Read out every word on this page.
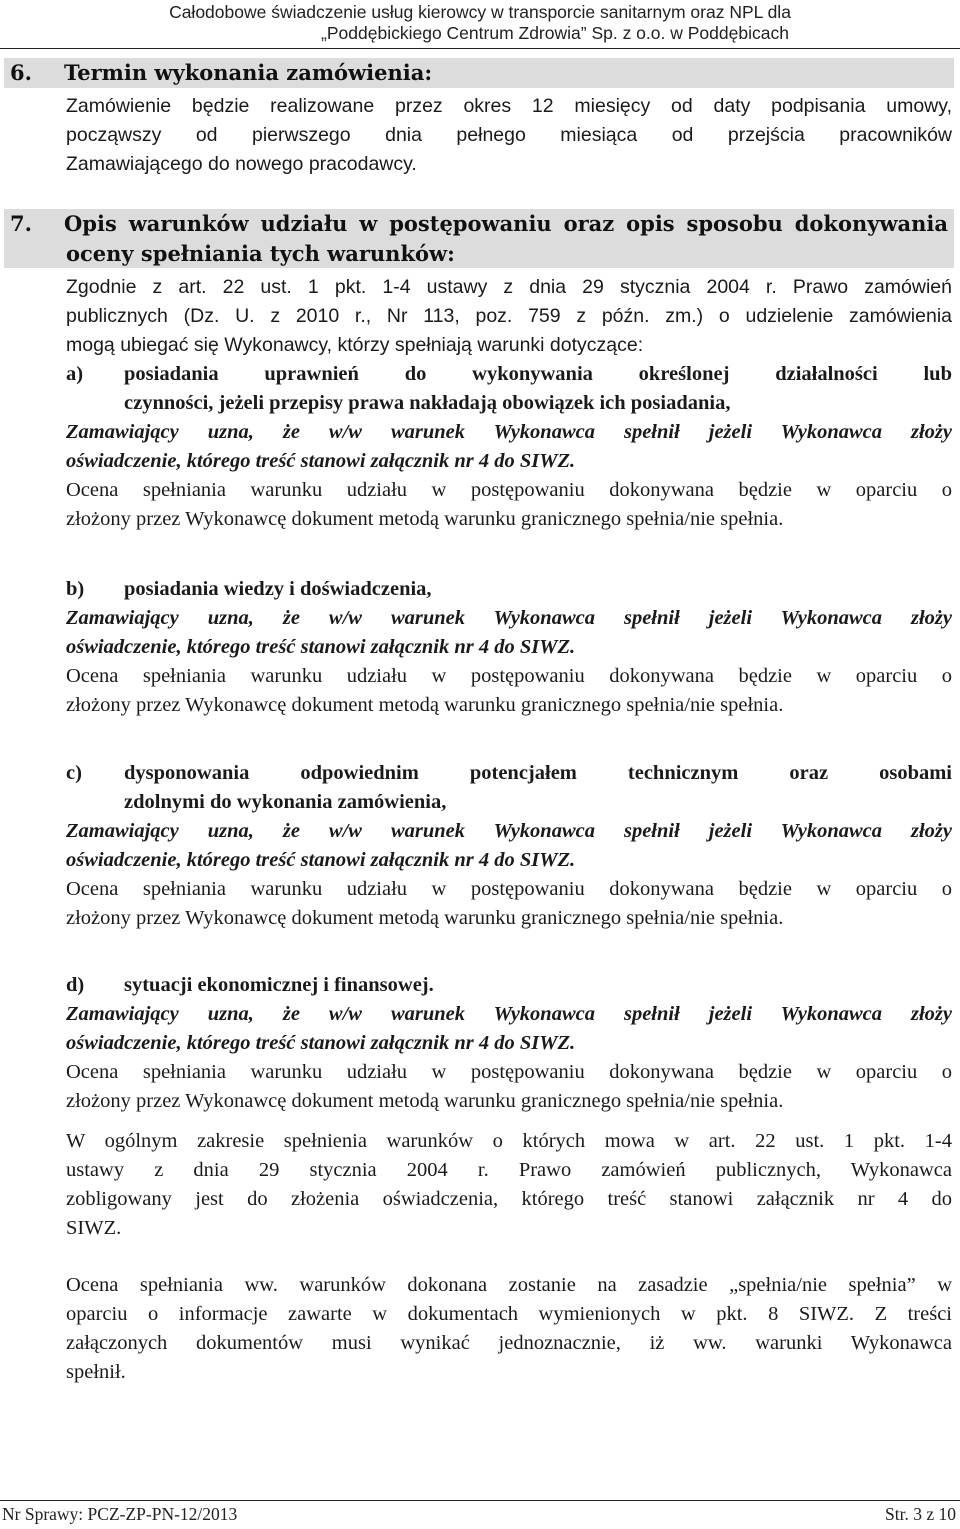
Całodobowe świadczenie usług kierowcy w transporcie sanitarnym oraz NPL dla
„Poddębickiego Centrum Zdrowia” Sp. z o.o. w Poddębicach
6. Termin wykonania zamówienia:
Zamówienie będzie realizowane przez okres 12 miesięcy od daty podpisania umowy,
począwszy od pierwszego dnia pełnego miesiąca od przejścia pracowników
Zamawiającego do nowego pracodawcy.
7. Opis warunków udziału w postępowaniu oraz opis sposobu dokonywania
oceny spełniania tych warunków:
Zgodnie z art. 22 ust. 1 pkt. 1-4 ustawy z dnia 29 stycznia 2004 r. Prawo zamówień
publicznych (Dz. U. z 2010 r., Nr 113, poz. 759 z późn. zm.) o udzielenie zamówienia
mogą ubiegać się Wykonawcy, którzy spełniają warunki dotyczące:
a) posiadania uprawnień do wykonywania określonej działalności lub
czynności, jeżeli przepisy prawa nakładają obowiązek ich posiadania,
Zamawiający uzna, że w/w warunek Wykonawca spełnił jeżeli Wykonawca złoży
oświadczenie, którego treść stanowi załącznik nr 4 do SIWZ.
Ocena spełniania warunku udziału w postępowaniu dokonywana będzie w oparciu o
złożony przez Wykonawcę dokument metodą warunku granicznego spełnia/nie spełnia.
b) posiadania wiedzy i doświadczenia,
Zamawiający uzna, że w/w warunek Wykonawca spełnił jeżeli Wykonawca złoży
oświadczenie, którego treść stanowi załącznik nr 4 do SIWZ.
Ocena spełniania warunku udziału w postępowaniu dokonywana będzie w oparciu o
złożony przez Wykonawcę dokument metodą warunku granicznego spełnia/nie spełnia.
c) dysponowania odpowiednim potencjałem technicznym oraz osobami
zdolnymi do wykonania zamówienia,
Zamawiający uzna, że w/w warunek Wykonawca spełnił jeżeli Wykonawca złoży
oświadczenie, którego treść stanowi załącznik nr 4 do SIWZ.
Ocena spełniania warunku udziału w postępowaniu dokonywana będzie w oparciu o
złożony przez Wykonawcę dokument metodą warunku granicznego spełnia/nie spełnia.
d) sytuacji ekonomicznej i finansowej.
Zamawiający uzna, że w/w warunek Wykonawca spełnił jeżeli Wykonawca złoży
oświadczenie, którego treść stanowi załącznik nr 4 do SIWZ.
Ocena spełniania warunku udziału w postępowaniu dokonywana będzie w oparciu o
złożony przez Wykonawcę dokument metodą warunku granicznego spełnia/nie spełnia.
W ogólnym zakresie spełnienia warunków o których mowa w art. 22 ust. 1 pkt. 1-4
ustawy z dnia 29 stycznia 2004 r. Prawo zamówień publicznych, Wykonawca
zobligowany jest do złożenia oświadczenia, którego treść stanowi załącznik nr 4 do
SIWZ.
Ocena spełniania ww. warunków dokonana zostanie na zasadzie „spełnia/nie spełnia” w
oparciu o informacje zawarte w dokumentach wymienionych w pkt. 8 SIWZ. Z treści
załączonych dokumentów musi wynikać jednoznacznie, iż ww. warunki Wykonawca
spełnił.
Nr Sprawy: PCZ-ZP-PN-12/2013	Str. 3 z 10
